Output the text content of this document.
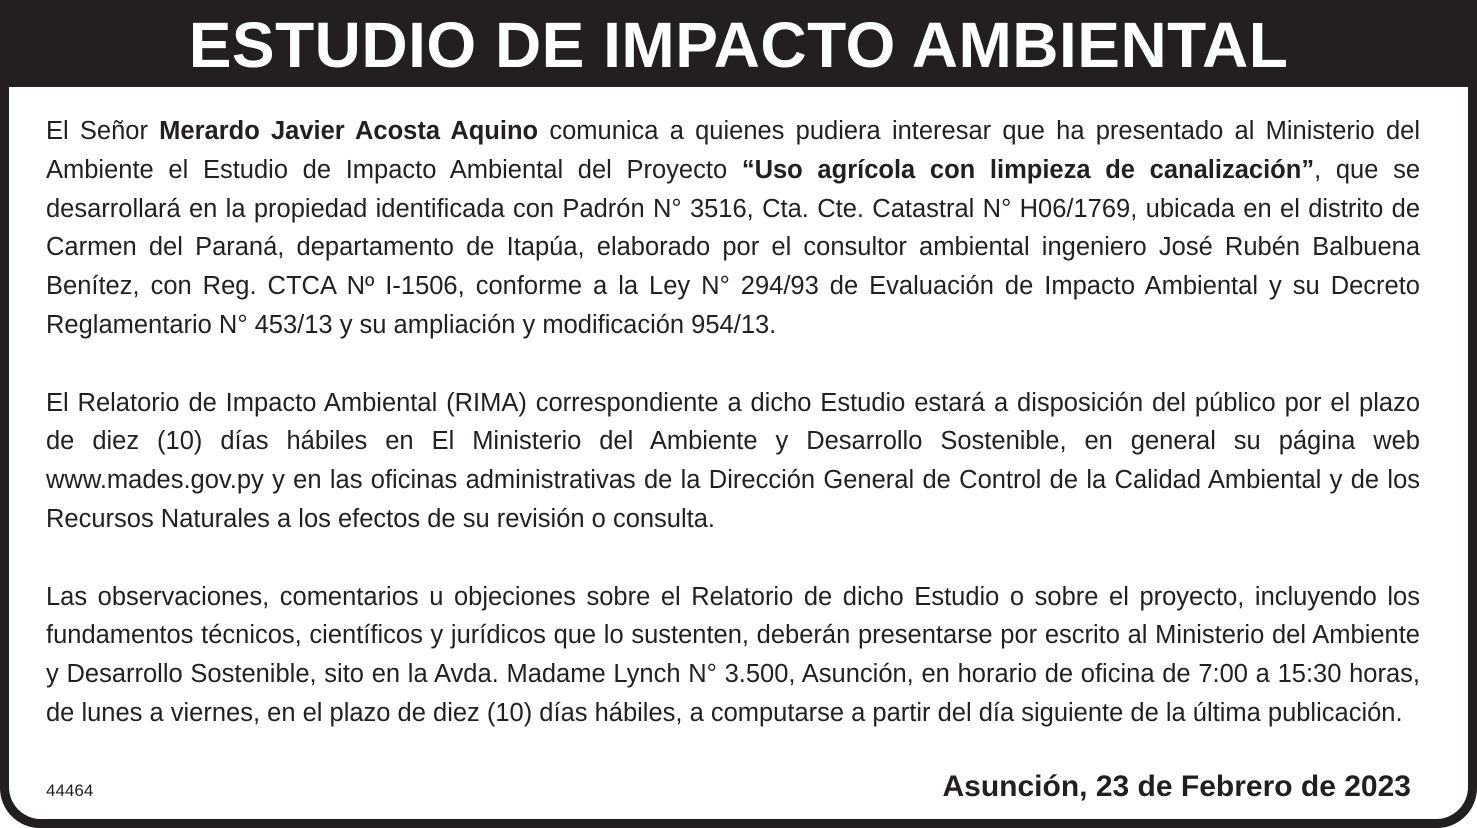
ESTUDIO DE IMPACTO AMBIENTAL

El Señor Merardo Javier Acosta Aquino comunica a quienes pudiera interesar que ha presentado al Ministerio del Ambiente el Estudio de Impacto Ambiental del Proyecto “Uso agrícola con limpieza de canalización”, que se desarrollará en la propiedad identificada con Padrón N° 3516, Cta. Cte. Catastral N° H06/1769, ubicada en el distrito de Carmen del Paraná, departamento de Itapúa, elaborado por el consultor ambiental ingeniero José Rubén Balbuena Benítez, con Reg. CTCA Nº I-1506, conforme a la Ley N° 294/93 de Evaluación de Impacto Ambiental y su Decreto Reglamentario N° 453/13 y su ampliación y modificación 954/13.

El Relatorio de Impacto Ambiental (RIMA) correspondiente a dicho Estudio estará a disposición del público por el plazo de diez (10) días hábiles en El Ministerio del Ambiente y Desarrollo Sostenible, en general su página web www.mades.gov.py y en las oficinas administrativas de la Dirección General de Control de la Calidad Ambiental y de los Recursos Naturales a los efectos de su revisión o consulta.

Las observaciones, comentarios u objeciones sobre el Relatorio de dicho Estudio o sobre el proyecto, incluyendo los fundamentos técnicos, científicos y jurídicos que lo sustenten, deberán presentarse por escrito al Ministerio del Ambiente y Desarrollo Sostenible, sito en la Avda. Madame Lynch N° 3.500, Asunción, en horario de oficina de 7:00 a 15:30 horas, de lunes a viernes, en el plazo de diez (10) días hábiles, a computarse a partir del día siguiente de la última publicación.

44464	Asunción, 23 de Febrero de 2023
